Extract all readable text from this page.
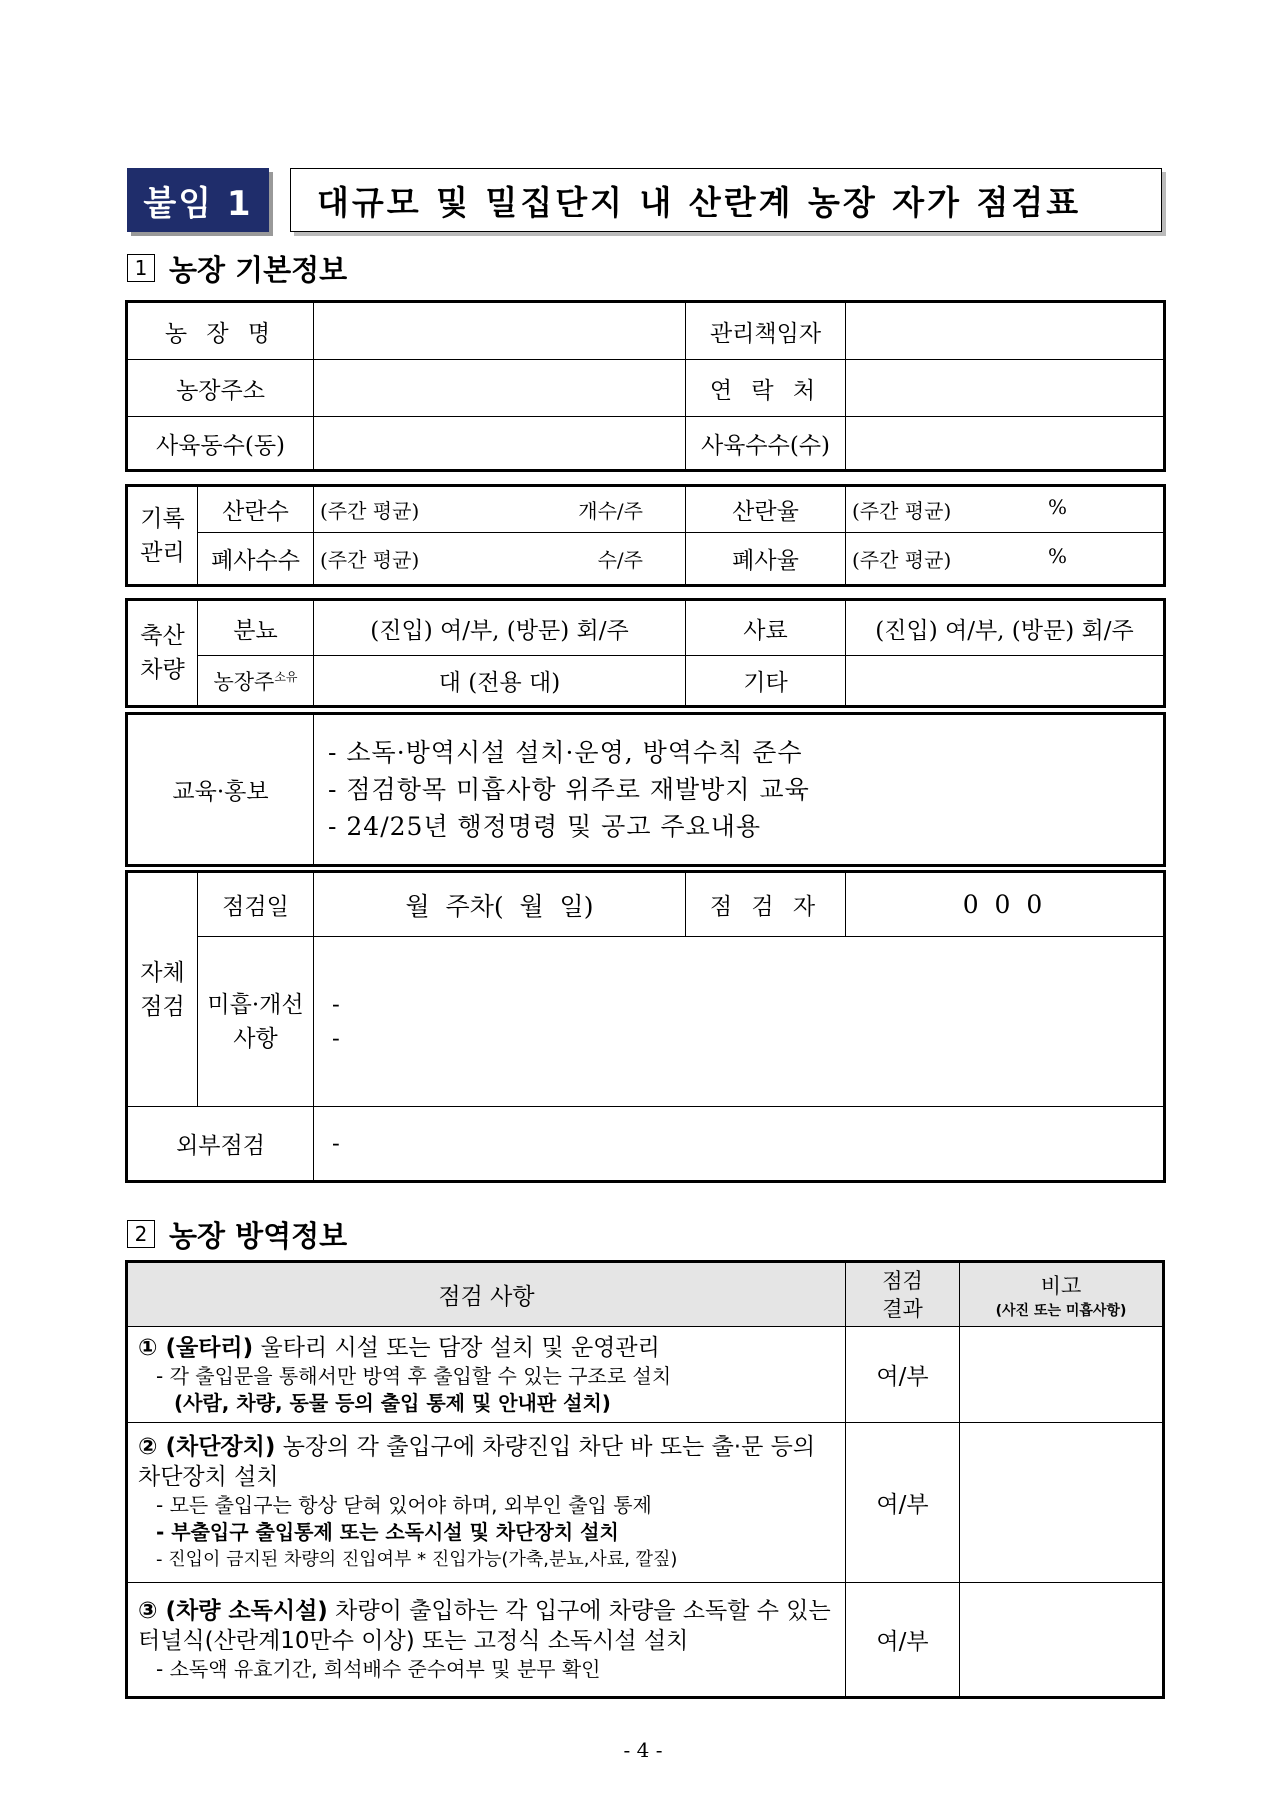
붙임 1	대규모 및 밀집단지 내 산란계 농장 자가 점검표
1 농장 기본정보
농 장 명		관리책임자	
농장주소		연 락 처	
사육동수(동)		사육수수(수)	
기록관리	산란수	(주간 평균) 개수/주	산란율	(주간 평균) %

	폐사수수	(주간 평균) 수/주	폐사율	(주간 평균) %
축산차량	분뇨	(진입) 여/부, (방문) 회/주	사료	(진입) 여/부, (방문) 회/주
	농장주$^{소유}$	대 (전용 대)	기타	
교육·홍보	
- 소독·방역시설 설치·운영, 방역수칙 준수
- 점검항목 미흡사항 위주로 재발방지 교육
- 24/25년 행정명령 및 공고 주요내용
자체점검	점검일	월  주차(  월  일)	점 검 자	0 0 0
	미흡·개선사항	-
-		

외부점검		-		
2 농장 방역정보
점검 사항	점검결과	비고
(사진 또는 미흡사항)

① (울타리) 울타리 시설 또는 담장 설치 및 운영관리
- 각 출입문을 통해서만 방역 후 출입할 수 있는 구조로 설치
(사람, 차량, 동물 등의 출입 통제 및 안내판 설치)	여/부	

② (차단장치) 농장의 각 출입구에 차량진입 차단 바 또는 출·문 등의 차단장치 설치
- 모든 출입구는 항상 닫혀 있어야 하며, 외부인 출입 통제
- 부출입구 출입통제 또는 소독시설 및 차단장치 설치
- 진입이 금지된 차량의 진입여부 * 진입가능(가축,분뇨,사료, 깔짚)	여/부	

③ (차량 소독시설) 차량이 출입하는 각 입구에 차량을 소독할 수 있는 터널식(산란계10만수 이상) 또는 고정식 소독시설 설치
- 소독액 유효기간, 희석배수 준수여부 및 분무 확인	여/부	
- 4 -
